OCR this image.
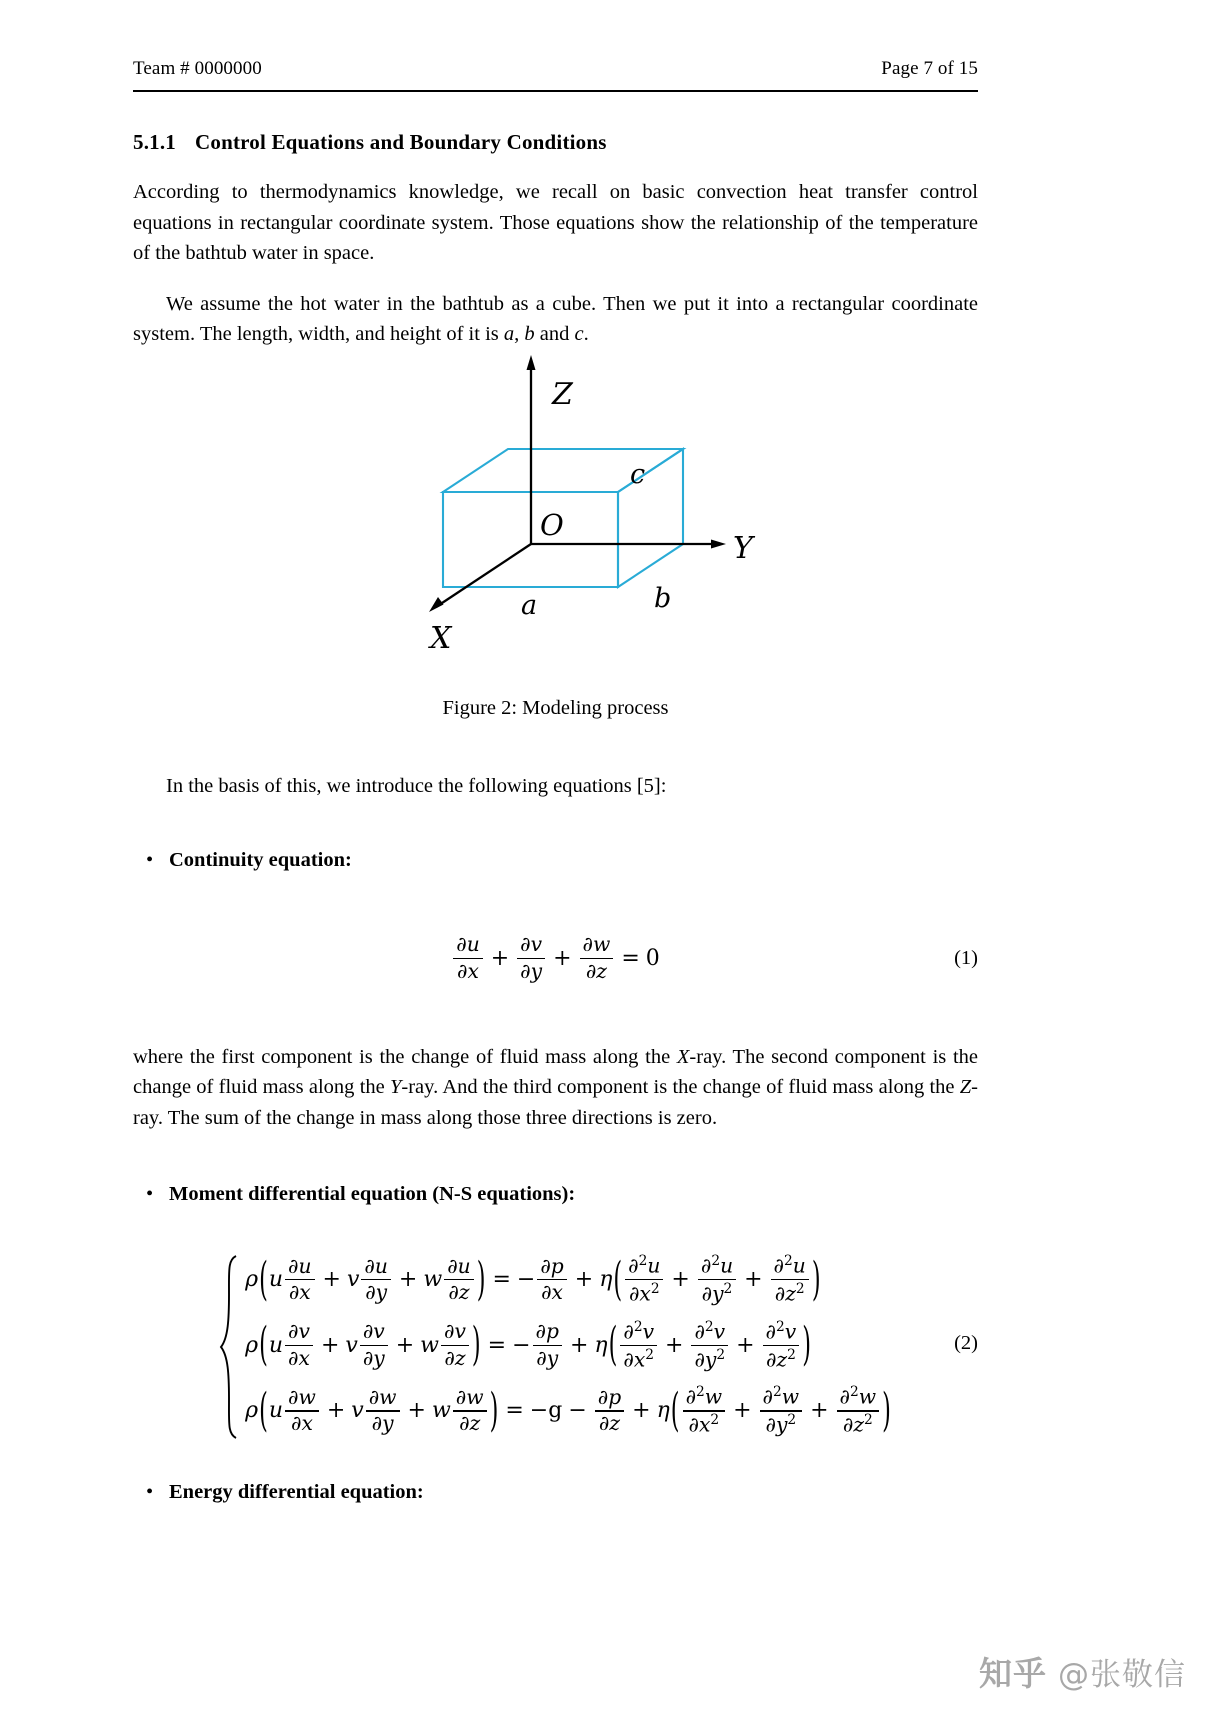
Team # 0000000	Page 7 of 15
5.1.1 Control Equations and Boundary Conditions

According to thermodynamics knowledge, we recall on basic convection heat transfer control equations in rectangular coordinate system. Those equations show the relationship of the temperature of the bathtub water in space.

We assume the hot water in the bathtub as a cube. Then we put it into a rectangular coordinate system. The length, width, and height of it is a, b and c.

Z
Y
X
O
c
a	b
Figure 2: Modeling process

In the basis of this, we introduce the following equations [5]:

• Continuity equation:
$\frac{\partial u}{\partial x} + \frac{\partial v}{\partial y} + \frac{\partial w}{\partial z} = 0$	(1)

where the first component is the change of fluid mass along the X-ray. The second component is the change of fluid mass along the Y-ray. And the third component is the change of fluid mass along the Z-ray. The sum of the change in mass along those three directions is zero.

• Moment differential equation (N-S equations):
ρ ( u $\frac{\partial u}{\partial x} + v \frac{\partial u}{\partial y} + w \frac{\partial u}{\partial z}$ ) = − $\frac{\partial p}{\partial x} + \eta$ ( $\frac{\partial^2u}{\partial x^2} + \frac{\partial^2u}{\partial y^2} + \frac{\partial^2u}{\partial z^2}$ )
ρ ( u $\frac{\partial v}{\partial x} + v \frac{\partial v}{\partial y} + w \frac{\partial v}{\partial z}$ ) = − $\frac{\partial p}{\partial y} + \eta$ ( $\frac{\partial^2v}{\partial x^2} + \frac{\partial^2v}{\partial y^2} + \frac{\partial^2v}{\partial z^2}$ )
ρ ( u $\frac{\partial w}{\partial x} + v \frac{\partial w}{\partial y} + w \frac{\partial w}{\partial z}$ ) = $-g - \frac{\partial p}{\partial z} + \eta$ ( $\frac{\partial^2w}{\partial x^2} + \frac{\partial^2w}{\partial y^2} + \frac{\partial^2w}{\partial z^2}$ )
(2)
• Energy differential equation:
知乎 @张敬信
